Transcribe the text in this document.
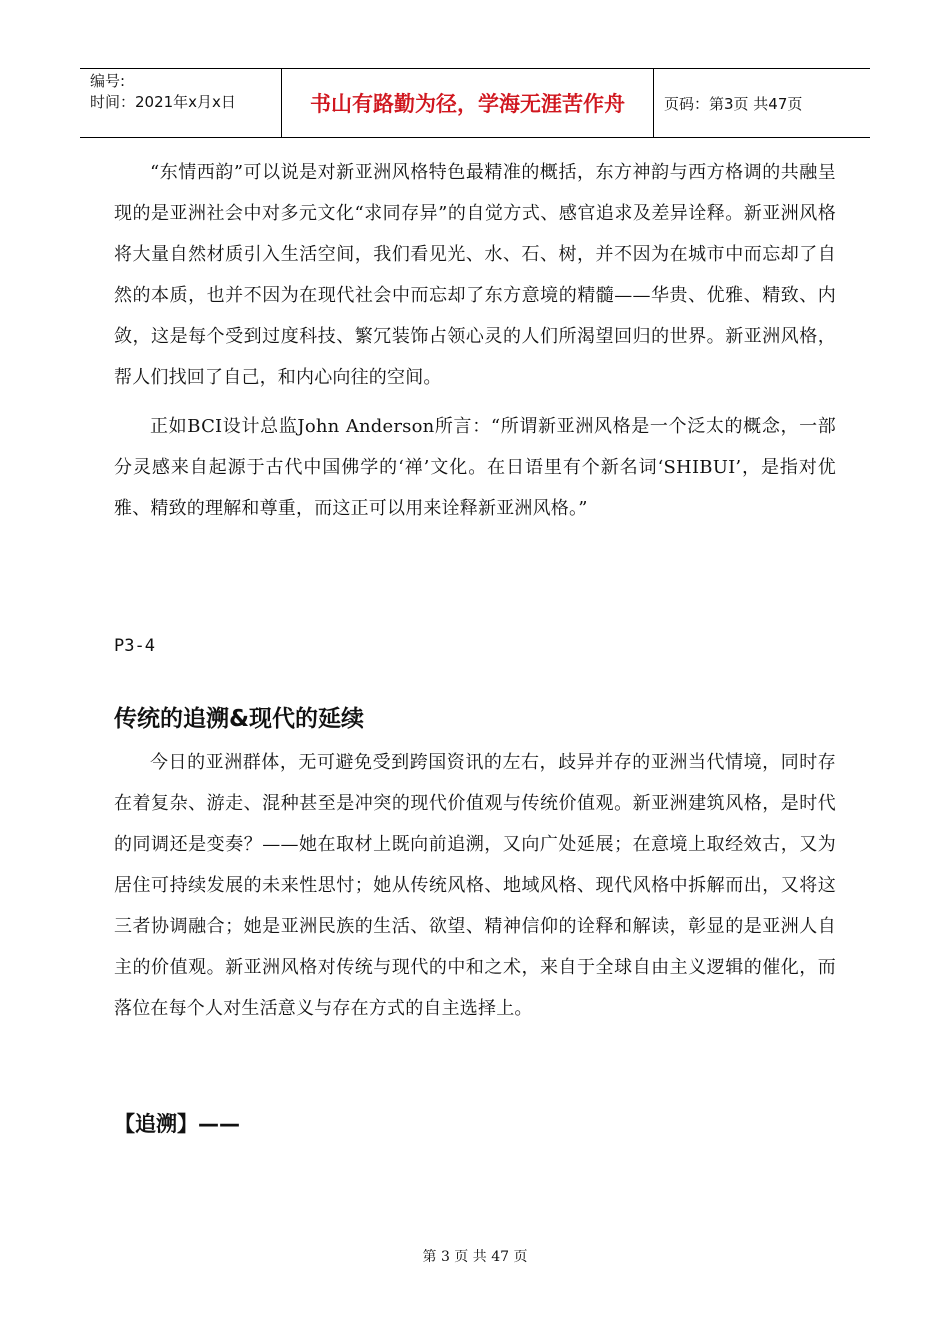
编号:
时间：2021年x月x日	书山有路勤为径，学海无涯苦作舟	页码：第3页 共47页

“东情西韵”可以说是对新亚洲风格特色最精准的概括，东方神韵与西方格调的共融呈现的是亚洲社会中对多元文化“求同存异”的自觉方式、感官追求及差异诠释。新亚洲风格将大量自然材质引入生活空间，我们看见光、水、石、树，并不因为在城市中而忘却了自然的本质，也并不因为在现代社会中而忘却了东方意境的精髓——华贵、优雅、精致、内敛，这是每个受到过度科技、繁冗装饰占领心灵的人们所渴望回归的世界。新亚洲风格，帮人们找回了自己，和内心向往的空间。

正如BCI设计总监John Anderson所言：“所谓新亚洲风格是一个泛太的概念，一部分灵感来自起源于古代中国佛学的‘禅’文化。在日语里有个新名词‘SHIBUI’，是指对优雅、精致的理解和尊重，而这正可以用来诠释新亚洲风格。”

P3-4
传统的追溯&现代的延续

今日的亚洲群体，无可避免受到跨国资讯的左右，歧异并存的亚洲当代情境，同时存在着复杂、游走、混种甚至是冲突的现代价值观与传统价值观。新亚洲建筑风格，是时代的同调还是变奏？——她在取材上既向前追溯，又向广处延展；在意境上取经效古，又为居住可持续发展的未来性思忖；她从传统风格、地域风格、现代风格中拆解而出，又将这三者协调融合；她是亚洲民族的生活、欲望、精神信仰的诠释和解读，彰显的是亚洲人自主的价值观。新亚洲风格对传统与现代的中和之术，来自于全球自由主义逻辑的催化，而落位在每个人对生活意义与存在方式的自主选择上。

【追溯】——
第 3 页 共 47 页
